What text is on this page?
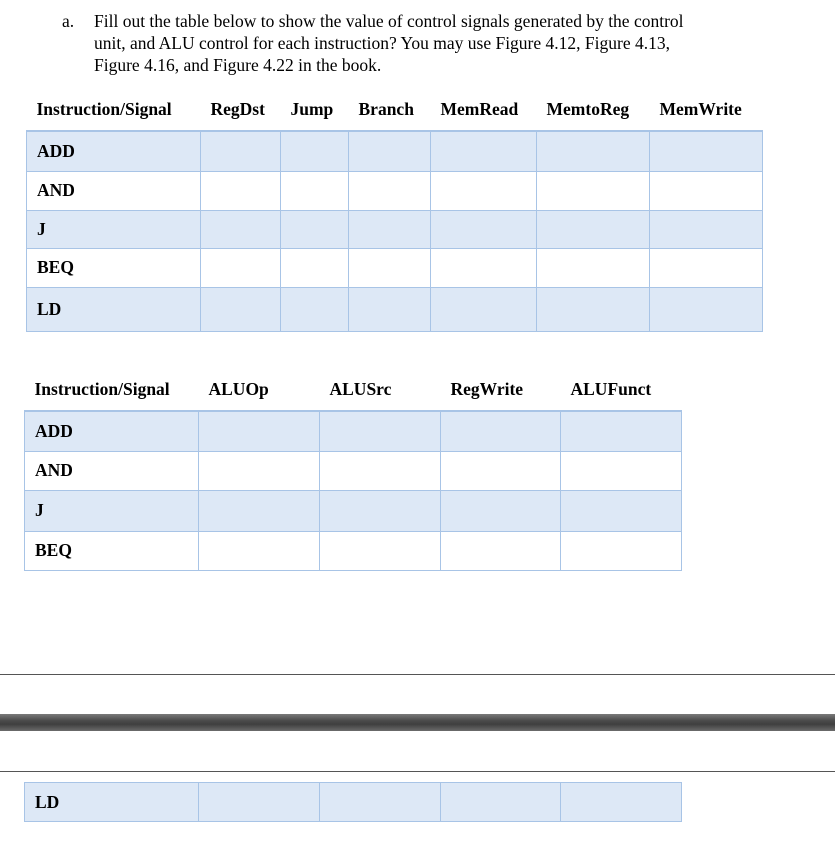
a. Fill out the table below to show the value of control signals generated by the control
unit, and ALU control for each instruction? You may use Figure 4.12, Figure 4.13,
Figure 4.16, and Figure 4.22 in the book.
Instruction/Signal	RegDst	Jump	Branch	MemRead	MemtoReg	MemWrite
ADD						
AND						
J						
BEQ						
LD						
Instruction/Signal	ALUOp	ALUSrc	RegWrite	ALUFunct
ADD				
AND				
J				
BEQ				
LD				
